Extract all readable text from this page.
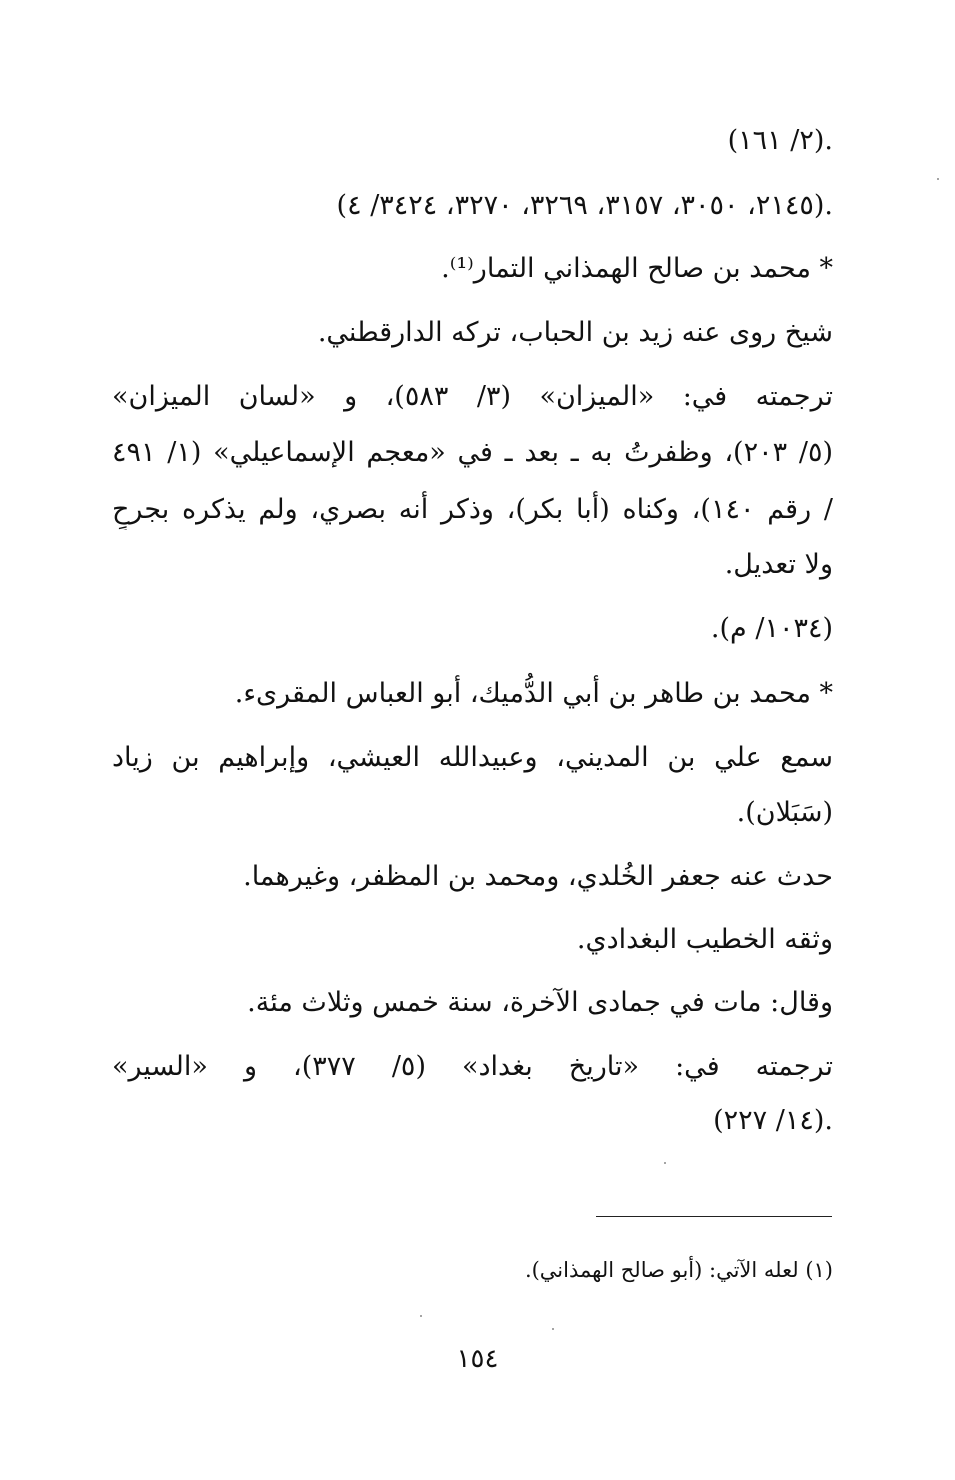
(٢/ ١٦١).
(٢١٤٥، ٣٠٥٠، ٣١٥٧، ٣٢٦٩، ٣٢٧٠، ٣٤٢٤/ ٤).
* محمد بن صالح الهمذاني التمار⁽¹⁾.
شيخ روى عنه زيد بن الحباب، تركه الدارقطني.
ترجمته في: «الميزان» (٣/ ٥٨٣)، و «لسان الميزان»
(٥/ ٢٠٣)، وظفرتُ به ـ بعد ـ في «معجم الإسماعيلي» (١/ ٤٩١
/ رقم ١٤٠)، وكناه (أبا بكر)، وذكر أنه بصري، ولم يذكره بجرحٍ
ولا تعديل.
(١٠٣٤/ م).
* محمد بن طاهر بن أبي الدُّميك، أبو العباس المقرىء.
سمع علي بن المديني، وعبيدالله العيشي، وإبراهيم بن زياد
(سَبَلان).
حدث عنه جعفر الخُلدي، ومحمد بن المظفر، وغيرهما.
وثقه الخطيب البغدادي.
وقال: مات في جمادى الآخرة، سنة خمس وثلاث مئة.
ترجمته في: «تاريخ بغداد» (٥/ ٣٧٧)، و «السير»
(١٤/ ٢٢٧).
(١) لعله الآتي: (أبو صالح الهمذاني).
١٥٤
